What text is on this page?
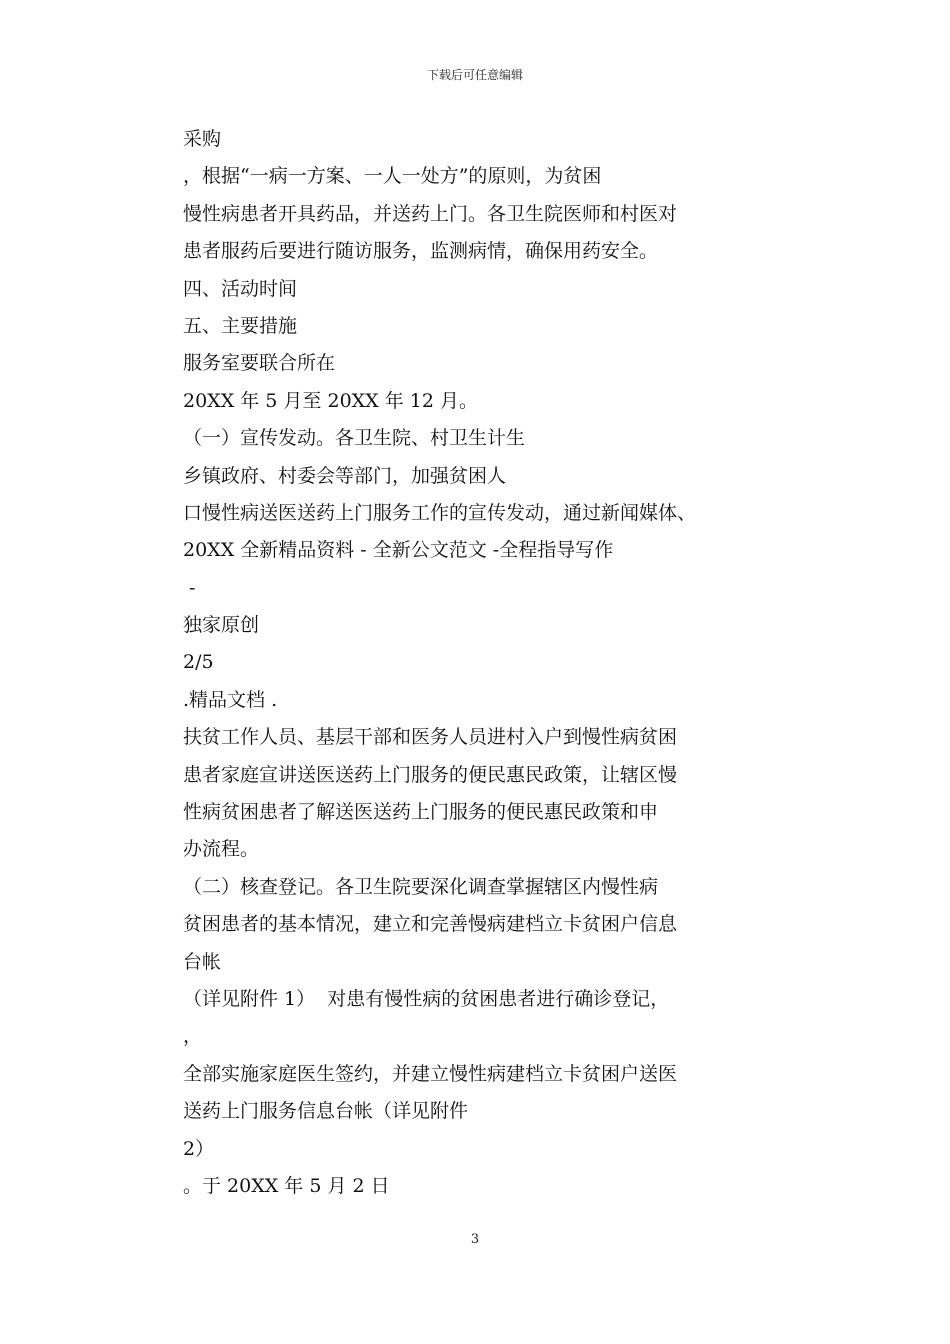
下载后可任意编辑
采购
，根据“一病一方案、一人一处方”的原则，为贫困
慢性病患者开具药品，并送药上门。各卫生院医师和村医对
患者服药后要进行随访服务，监测病情，确保用药安全。
四、活动时间
五、主要措施
服务室要联合所在
20XX 年 5 月至 20XX 年 12 月。
（一）宣传发动。各卫生院、村卫生计生
乡镇政府、村委会等部门，加强贫困人
口慢性病送医送药上门服务工作的宣传发动，通过新闻媒体、
20XX 全新精品资料 - 全新公文范文 -全程指导写作
-
独家原创
2/5
.精品文档 .
扶贫工作人员、基层干部和医务人员进村入户到慢性病贫困
患者家庭宣讲送医送药上门服务的便民惠民政策，让辖区慢
性病贫困患者了解送医送药上门服务的便民惠民政策和申
办流程。
（二）核查登记。各卫生院要深化调查掌握辖区内慢性病
贫困患者的基本情况，建立和完善慢病建档立卡贫困户信息
台帐
（详见附件 1）  对患有慢性病的贫困患者进行确诊登记，
，
全部实施家庭医生签约，并建立慢性病建档立卡贫困户送医
送药上门服务信息台帐（详见附件
2）
。于 20XX 年 5 月 2 日
3
